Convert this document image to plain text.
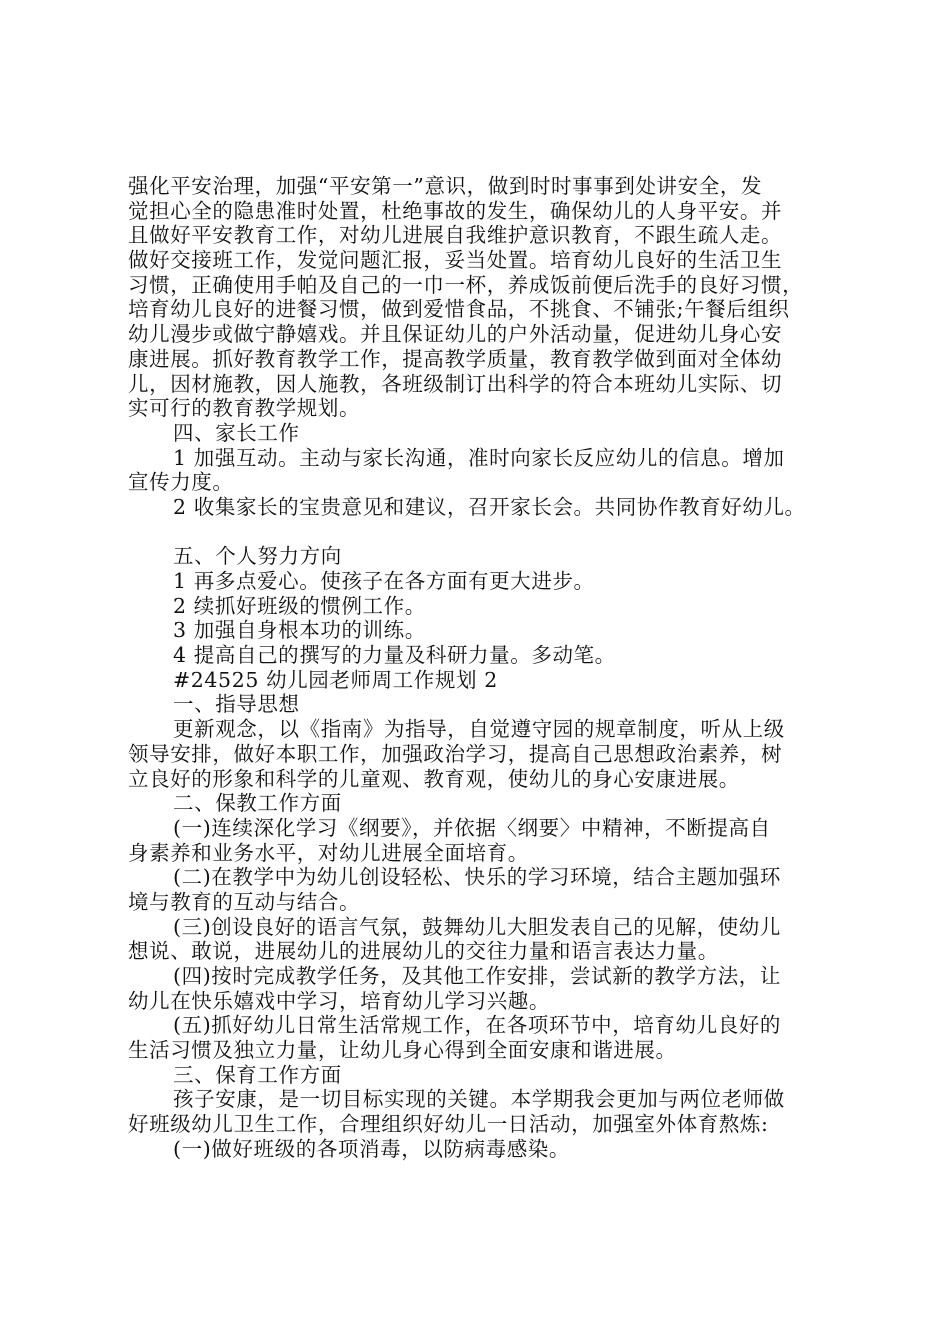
强化平安治理，加强“平安第一”意识，做到时时事事到处讲安全，发
觉担心全的隐患准时处置，杜绝事故的发生，确保幼儿的人身平安。并
且做好平安教育工作，对幼儿进展自我维护意识教育，不跟生疏人走。
做好交接班工作，发觉问题汇报，妥当处置。培育幼儿良好的生活卫生
习惯，正确使用手帕及自己的一巾一杯，养成饭前便后洗手的良好习惯，
培育幼儿良好的进餐习惯，做到爱惜食品，不挑食、不铺张;午餐后组织
幼儿漫步或做宁静嬉戏。并且保证幼儿的户外活动量，促进幼儿身心安
康进展。抓好教育教学工作，提高教学质量，教育教学做到面对全体幼
儿，因材施教，因人施教，各班级制订出科学的符合本班幼儿实际、切
实可行的教育教学规划。
四、家长工作
1 加强互动。主动与家长沟通，准时向家长反应幼儿的信息。增加
宣传力度。
2 收集家长的宝贵意见和建议，召开家长会。共同协作教育好幼儿。
五、个人努力方向
1 再多点爱心。使孩子在各方面有更大进步。
2 续抓好班级的惯例工作。
3 加强自身根本功的训练。
4 提高自己的撰写的力量及科研力量。多动笔。
#24525 幼儿园老师周工作规划 2
一、指导思想
更新观念，以《指南》为指导，自觉遵守园的规章制度，听从上级
领导安排，做好本职工作，加强政治学习，提高自己思想政治素养，树
立良好的形象和科学的儿童观、教育观，使幼儿的身心安康进展。
二、保教工作方面
(一)连续深化学习《纲要》，并依据〈纲要〉中精神，不断提高自
身素养和业务水平，对幼儿进展全面培育。
(二)在教学中为幼儿创设轻松、快乐的学习环境，结合主题加强环
境与教育的互动与结合。
(三)创设良好的语言气氛，鼓舞幼儿大胆发表自己的见解，使幼儿
想说、敢说，进展幼儿的进展幼儿的交往力量和语言表达力量。
(四)按时完成教学任务，及其他工作安排，尝试新的教学方法，让
幼儿在快乐嬉戏中学习，培育幼儿学习兴趣。
(五)抓好幼儿日常生活常规工作，在各项环节中，培育幼儿良好的
生活习惯及独立力量，让幼儿身心得到全面安康和谐进展。
三、保育工作方面
孩子安康，是一切目标实现的关键。本学期我会更加与两位老师做
好班级幼儿卫生工作，合理组织好幼儿一日活动，加强室外体育熬炼:
(一)做好班级的各项消毒，以防病毒感染。
